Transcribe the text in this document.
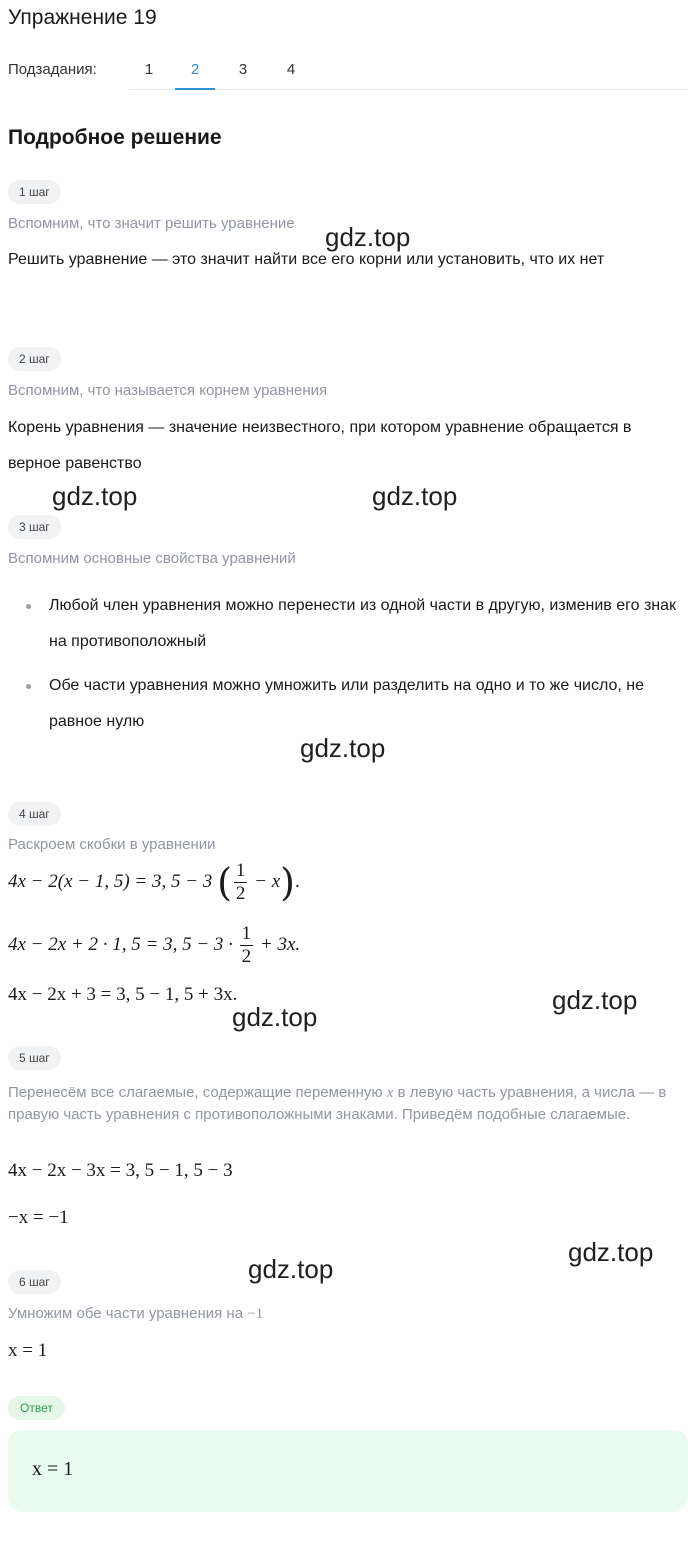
Упражнение 19
Подзадания:	1	2	3	4
Подробное решение
1 шаг
Вспомним, что значит решить уравнение
Решить уравнение — это значит найти все его корни или установить, что их нет
2 шаг
Вспомним, что называется корнем уравнения
Корень уравнения — значение неизвестного, при котором уравнение обращается в верное равенство
3 шаг
Вспомним основные свойства уравнений
Любой член уравнения можно перенести из одной части в другую, изменив его знак на противоположный
Обе части уравнения можно умножить или разделить на одно и то же число, не равное нулю
4 шаг
Раскроем скобки в уравнении
4x − 2(x − 1, 5) = 3, 5 − 3 ( $\frac{1}{2} - x$).
4x − 2x + 2 · 1, 5 = 3, $5 - 3 \cdot \frac{1}{2} + 3x$.
4x − 2x + 3 = 3, 5 − 1, 5 + 3x.
5 шаг
Перенесём все слагаемые, содержащие переменную x в левую часть уравнения, а числа — в правую часть уравнения с противоположными знаками. Приведём подобные слагаемые.
4x − 2x − 3x = 3, 5 − 1, 5 − 3
−x = −1
6 шаг
Умножим обе части уравнения на −1
x = 1
Ответ
x = 1
gdz.top
gdz.top	gdz.top
gdz.top
gdz.top
gdz.top
gdz.top
gdz.top
